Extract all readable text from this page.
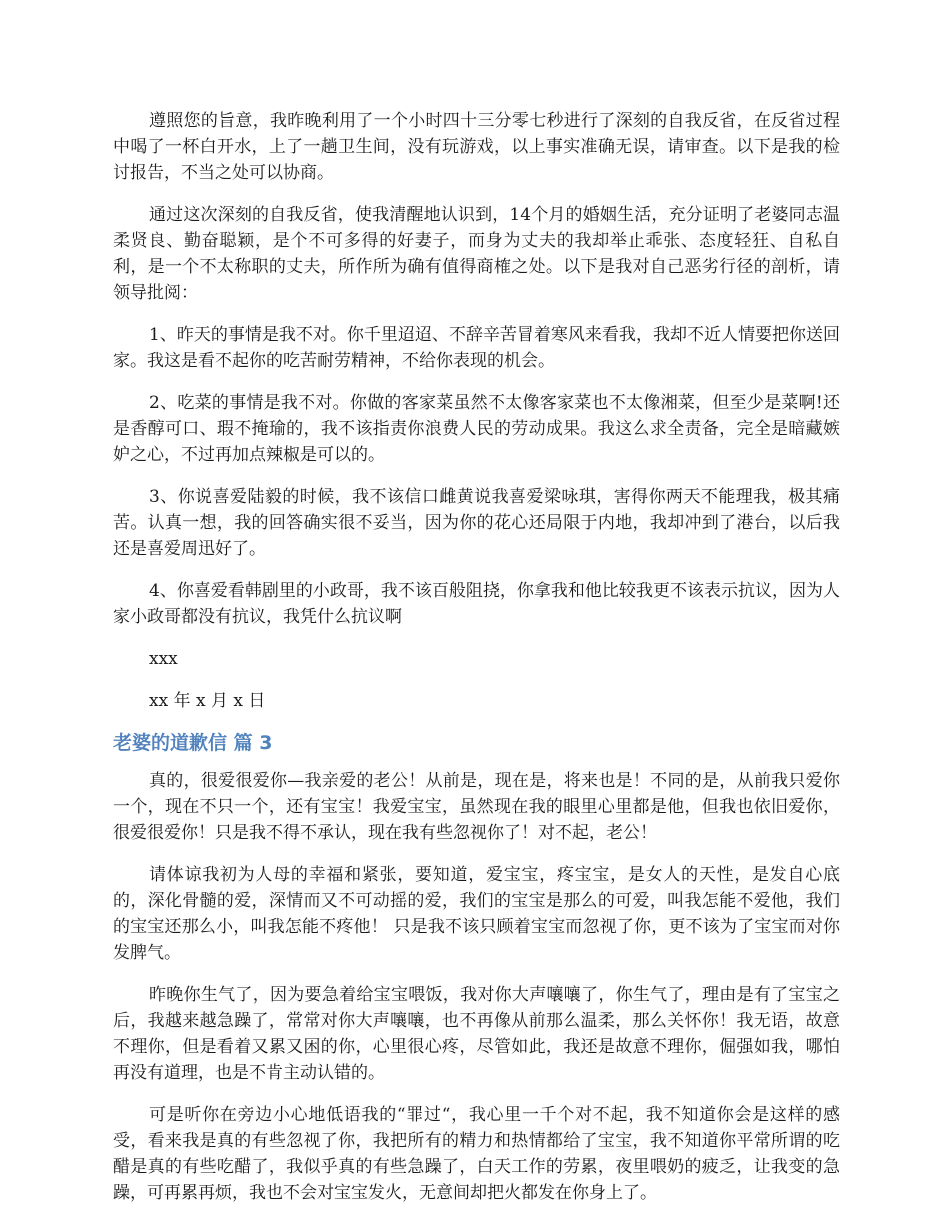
遵照您的旨意，我昨晚利用了一个小时四十三分零七秒进行了深刻的自我反省，在反省过程中喝了一杯白开水，上了一趟卫生间，没有玩游戏，以上事实准确无误，请审查。以下是我的检讨报告，不当之处可以协商。

通过这次深刻的自我反省，使我清醒地认识到，14个月的婚姻生活，充分证明了老婆同志温柔贤良、勤奋聪颖，是个不可多得的好妻子，而身为丈夫的我却举止乖张、态度轻狂、自私自利，是一个不太称职的丈夫，所作所为确有值得商榷之处。以下是我对自己恶劣行径的剖析，请领导批阅：

1、昨天的事情是我不对。你千里迢迢、不辞辛苦冒着寒风来看我，我却不近人情要把你送回家。我这是看不起你的吃苦耐劳精神，不给你表现的机会。

2、吃菜的事情是我不对。你做的客家菜虽然不太像客家菜也不太像湘菜，但至少是菜啊!还是香醇可口、瑕不掩瑜的，我不该指责你浪费人民的劳动成果。我这么求全责备，完全是暗藏嫉妒之心，不过再加点辣椒是可以的。

3、你说喜爱陆毅的时候，我不该信口雌黄说我喜爱梁咏琪，害得你两天不能理我，极其痛苦。认真一想，我的回答确实很不妥当，因为你的花心还局限于内地，我却冲到了港台，以后我还是喜爱周迅好了。

4、你喜爱看韩剧里的小政哥，我不该百般阻挠，你拿我和他比较我更不该表示抗议，因为人家小政哥都没有抗议，我凭什么抗议啊

xxx

xx 年 x 月 x 日

老婆的道歉信 篇 3

真的，很爱很爱你—我亲爱的老公！从前是，现在是，将来也是！不同的是，从前我只爱你一个，现在不只一个，还有宝宝！我爱宝宝，虽然现在我的眼里心里都是他，但我也依旧爱你，很爱很爱你！只是我不得不承认，现在我有些忽视你了！对不起，老公！

请体谅我初为人母的幸福和紧张，要知道，爱宝宝，疼宝宝，是女人的天性，是发自心底的，深化骨髓的爱，深情而又不可动摇的爱，我们的宝宝是那么的可爱，叫我怎能不爱他，我们的宝宝还那么小，叫我怎能不疼他！ 只是我不该只顾着宝宝而忽视了你，更不该为了宝宝而对你发脾气。

昨晚你生气了，因为要急着给宝宝喂饭，我对你大声嚷嚷了，你生气了，理由是有了宝宝之后，我越来越急躁了，常常对你大声嚷嚷，也不再像从前那么温柔，那么关怀你！我无语，故意不理你，但是看着又累又困的你，心里很心疼，尽管如此，我还是故意不理你，倔强如我，哪怕再没有道理，也是不肯主动认错的。

可是听你在旁边小心地低语我的“罪过“，我心里一千个对不起，我不知道你会是这样的感受，看来我是真的有些忽视了你，我把所有的精力和热情都给了宝宝，我不知道你平常所谓的吃醋是真的有些吃醋了，我似乎真的有些急躁了，白天工作的劳累，夜里喂奶的疲乏，让我变的急躁，可再累再烦，我也不会对宝宝发火，无意间却把火都发在你身上了。
